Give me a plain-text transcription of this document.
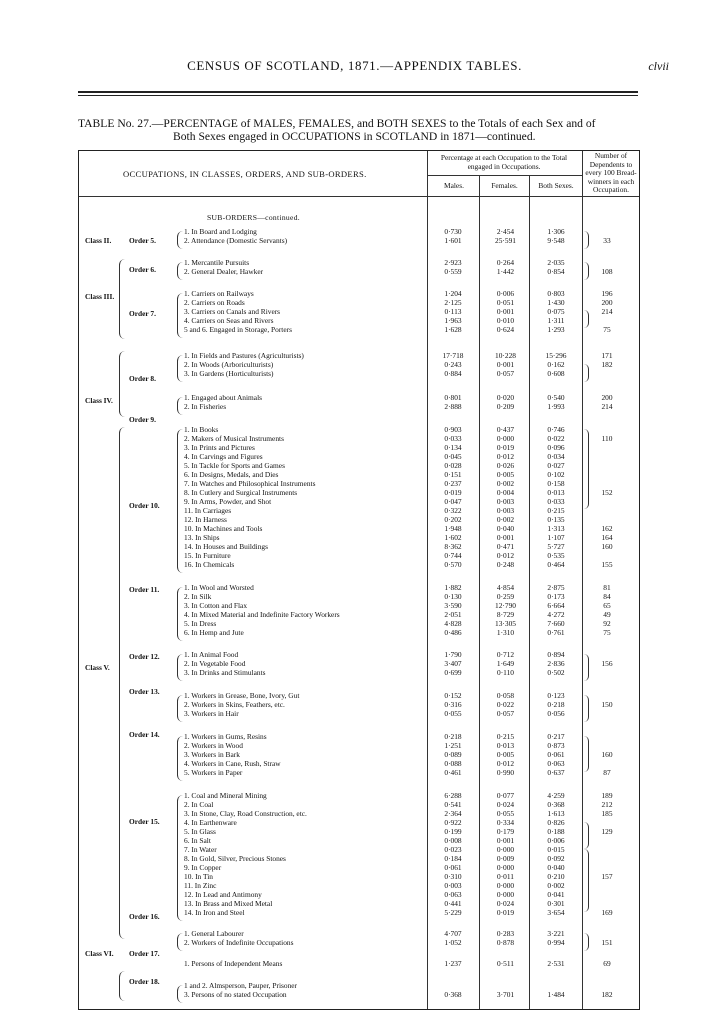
CENSUS OF SCOTLAND, 1871.—APPENDIX TABLES.	clvii
TABLE No. 27.—PERCENTAGE of MALES, FEMALES, and BOTH SEXES to the Totals of each Sex and of
Both Sexes engaged in OCCUPATIONS in SCOTLAND in 1871—continued.
OCCUPATIONS, IN CLASSES, ORDERS, AND SUB-ORDERS.
Percentage at each Occupation to the Total engaged in Occupations.
Males.	Females.	Both Sexes.
Number of Dependents to every 100 Bread-winners in each Occupation.
SUB-ORDERS—continued.
Class II.
Class III.
Class IV.
Class V.
Class VI.
Order 5.
Order 6.
Order 7.
Order 8.
Order 9.
Order 10.
Order 11.
Order 12.
Order 13.
Order 14.
Order 15.
Order 16.
Order 17.
Order 18.
1. In Board and Lodging	0·730	2·454	1·306
2. Attendance (Domestic Servants)	1·601	25·591	9·548	33
1. Mercantile Pursuits	2·923	0·264	2·035
2. General Dealer, Hawker	0·559	1·442	0·854	108
1. Carriers on Railways	1·204	0·006	0·803	196
2. Carriers on Roads	2·125	0·051	1·430	200
3. Carriers on Canals and Rivers	0·113	0·001	0·075	214
4. Carriers on Seas and Rivers	1·963	0·010	1·311
5 and 6. Engaged in Storage, Porters	1·628	0·624	1·293	75
1. In Fields and Pastures (Agriculturists)	17·718	10·228	15·296	171
2. In Woods (Arboriculturists)	0·243	0·001	0·162	182
3. In Gardens (Horticulturists)	0·884	0·057	0·608
1. Engaged about Animals	0·801	0·020	0·540	200
2. In Fisheries	2·888	0·209	1·993	214
1. In Books	0·903	0·437	0·746
2. Makers of Musical Instruments	0·033	0·000	0·022	110
3. In Prints and Pictures	0·134	0·019	0·096
4. In Carvings and Figures	0·045	0·012	0·034
5. In Tackle for Sports and Games	0·028	0·026	0·027
6. In Designs, Medals, and Dies	0·151	0·005	0·102
7. In Watches and Philosophical Instruments	0·237	0·002	0·158
8. In Cutlery and Surgical Instruments	0·019	0·004	0·013	152
9. In Arms, Powder, and Shot	0·047	0·003	0·033
11. In Carriages	0·322	0·003	0·215
12. In Harness	0·202	0·002	0·135
10. In Machines and Tools	1·948	0·040	1·313	162
13. In Ships	1·602	0·001	1·107	164
14. In Houses and Buildings	8·362	0·471	5·727	160
15. In Furniture	0·744	0·012	0·535
16. In Chemicals	0·570	0·248	0·464	155
1. In Wool and Worsted	1·882	4·854	2·875	81
2. In Silk	0·130	0·259	0·173	84
3. In Cotton and Flax	3·590	12·790	6·664	65
4. In Mixed Material and Indefinite Factory Workers	2·051	8·729	4·272	49
5. In Dress	4·828	13·305	7·660	92
6. In Hemp and Jute	0·486	1·310	0·761	75
1. In Animal Food	1·790	0·712	0·894
2. In Vegetable Food	3·407	1·649	2·836	156
3. In Drinks and Stimulants	0·699	0·110	0·502
1. Workers in Grease, Bone, Ivory, Gut	0·152	0·058	0·123
2. Workers in Skins, Feathers, etc.	0·316	0·022	0·218	150
3. Workers in Hair	0·055	0·057	0·056
1. Workers in Gums, Resins	0·218	0·215	0·217
2. Workers in Wood	1·251	0·013	0·873
3. Workers in Bark	0·089	0·005	0·061	160
4. Workers in Cane, Rush, Straw	0·088	0·012	0·063
5. Workers in Paper	0·461	0·990	0·637	87
1. Coal and Mineral Mining	6·288	0·077	4·259	189
2. In Coal	0·541	0·024	0·368	212
3. In Stone, Clay, Road Construction, etc.	2·364	0·055	1·613	185
4. In Earthenware	0·922	0·334	0·826
5. In Glass	0·199	0·179	0·188	129
6. In Salt	0·008	0·001	0·006
7. In Water	0·023	0·000	0·015
8. In Gold, Silver, Precious Stones	0·184	0·009	0·092
9. In Copper	0·061	0·000	0·040
10. In Tin	0·310	0·011	0·210	157
11. In Zinc	0·003	0·000	0·002
12. In Lead and Antimony	0·063	0·000	0·041
13. In Brass and Mixed Metal	0·441	0·024	0·301
14. In Iron and Steel	5·229	0·019	3·654	169
1. General Labourer	4·707	0·283	3·221
2. Workers of Indefinite Occupations	1·052	0·878	0·994	151
1. Persons of Independent Means	1·237	0·511	2·531	69
1 and 2. Almsperson, Pauper, Prisoner
3. Persons of no stated Occupation	0·368	3·701	1·484	182
